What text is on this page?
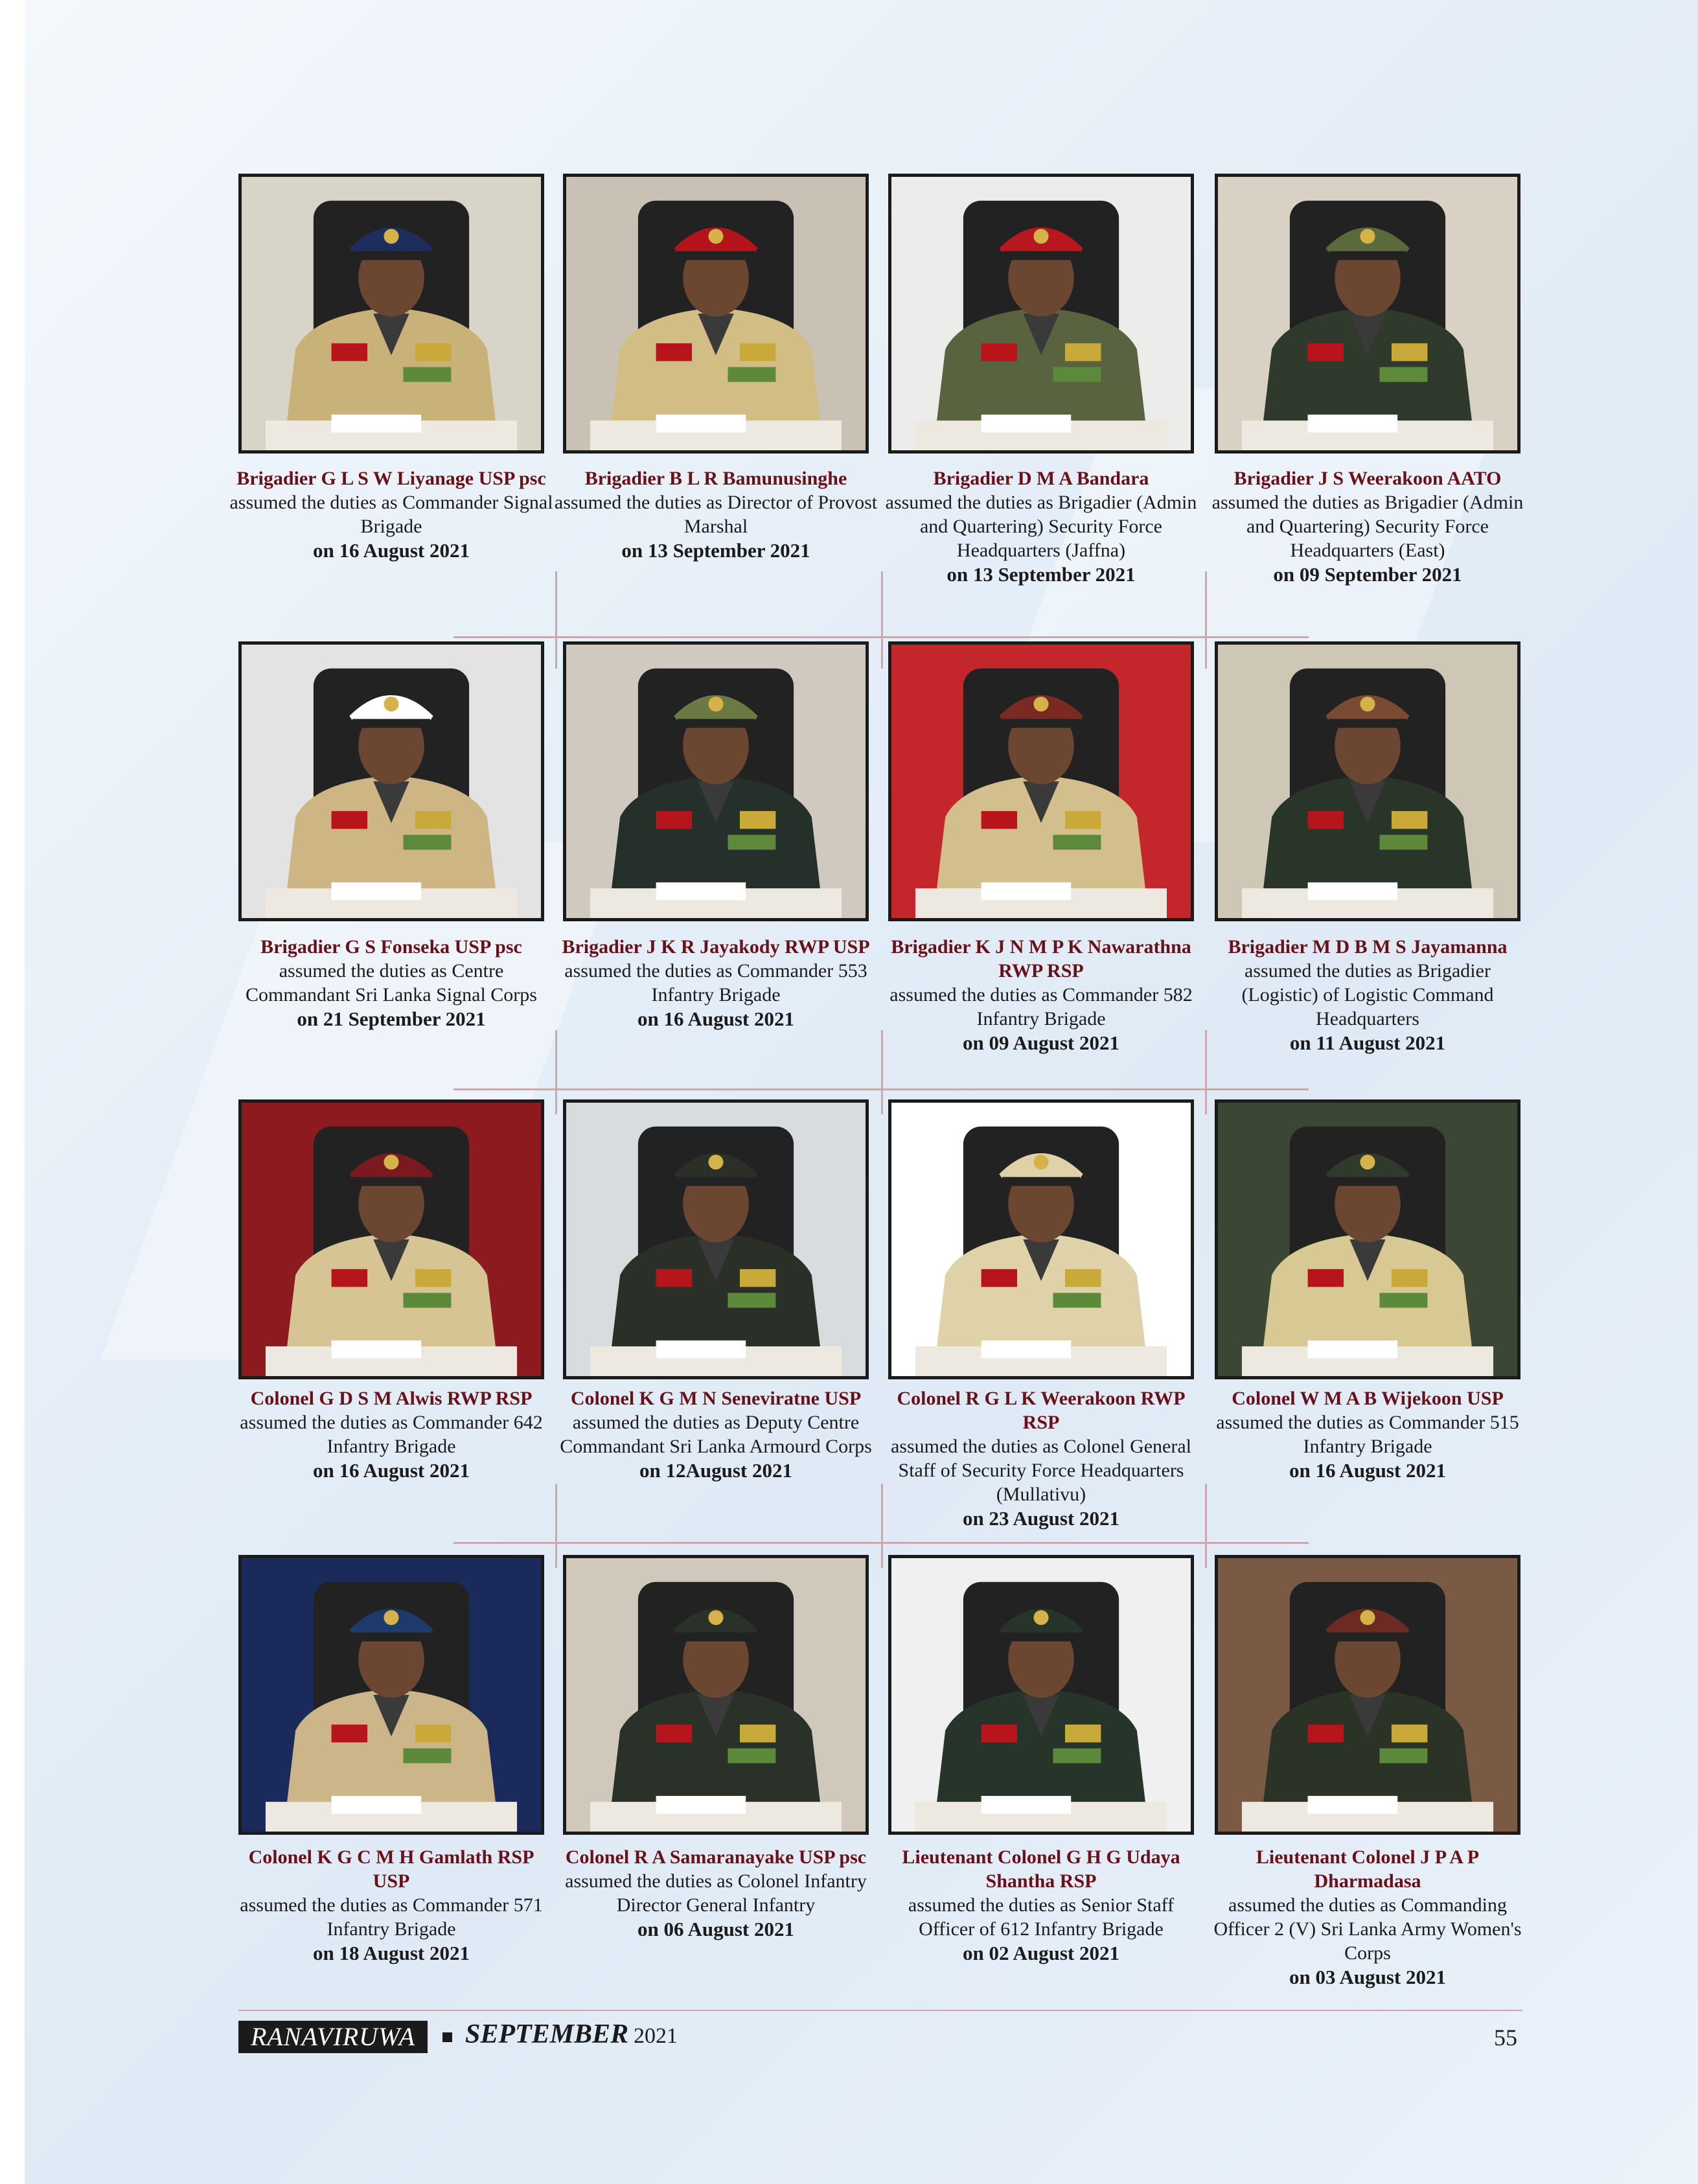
Brigadier G L S W Liyanage USP psc
assumed the duties as Commander Signal Brigade
on 16 August 2021
Brigadier B L R Bamunusinghe
assumed the duties as Director of Provost Marshal
on 13 September 2021
Brigadier D M A Bandara
assumed the duties as Brigadier (Admin and Quartering) Security Force Headquarters (Jaffna)
on 13 September 2021
Brigadier J S Weerakoon AATO
assumed the duties as Brigadier (Admin and Quartering) Security Force Headquarters (East)
on 09 September 2021
Brigadier G S Fonseka USP psc
assumed the duties as Centre Commandant Sri Lanka Signal Corps
on 21 September 2021
Brigadier J K R Jayakody RWP USP
assumed the duties as Commander 553 Infantry Brigade
on 16 August 2021
Brigadier K J N M P K Nawarathna RWP RSP
assumed the duties as Commander 582 Infantry Brigade
on 09 August 2021
Brigadier M D B M S Jayamanna
assumed the duties as Brigadier (Logistic) of Logistic Command Headquarters
on 11 August 2021
Colonel G D S M Alwis RWP RSP
assumed the duties as Commander 642 Infantry Brigade
on 16 August 2021
Colonel K G M N Seneviratne USP
assumed the duties as Deputy Centre Commandant Sri Lanka Armourd Corps
on 12August 2021
Colonel R G L K Weerakoon RWP RSP
assumed the duties as Colonel General Staff of Security Force Headquarters (Mullativu)
on 23 August 2021
Colonel W M A B Wijekoon USP
assumed the duties as Commander 515 Infantry Brigade
on 16 August 2021
Colonel K G C M H Gamlath RSP USP
assumed the duties as Commander 571 Infantry Brigade
on 18 August 2021
Colonel R A Samaranayake USP psc
assumed the duties as Colonel Infantry Director General Infantry
on 06 August 2021
Lieutenant Colonel G H G Udaya Shantha RSP
assumed the duties as Senior Staff Officer of 612 Infantry Brigade
on 02 August 2021
Lieutenant Colonel J P A P Dharmadasa
assumed the duties as Commanding Officer 2 (V) Sri Lanka Army Women's Corps
on 03 August 2021
RANAVIRUWA	SEPTEMBER 2021	55
